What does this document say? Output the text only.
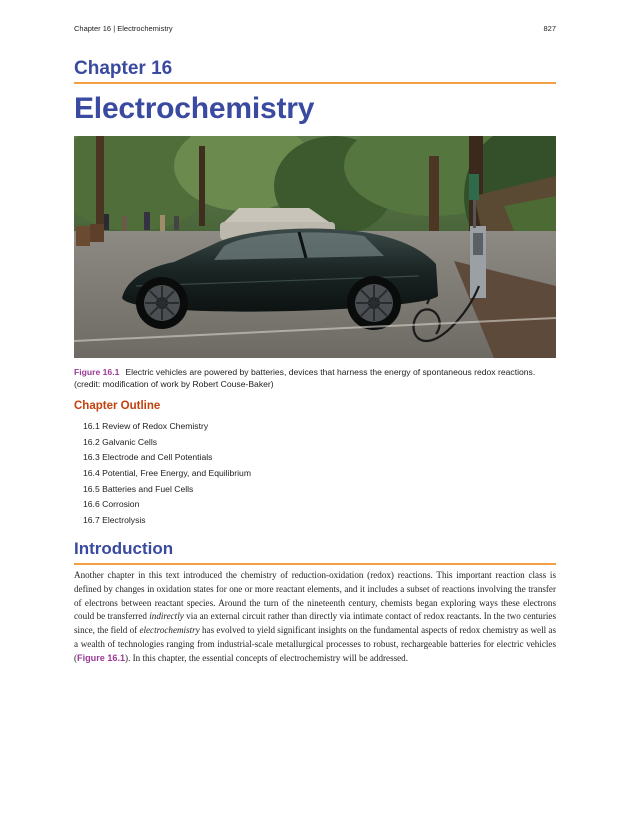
Chapter 16 | Electrochemistry	827
Chapter 16
Electrochemistry
Figure 16.1 Electric vehicles are powered by batteries, devices that harness the energy of spontaneous redox reactions. (credit: modification of work by Robert Couse-Baker)
Chapter Outline
16.1 Review of Redox Chemistry
16.2 Galvanic Cells
16.3 Electrode and Cell Potentials
16.4 Potential, Free Energy, and Equilibrium
16.5 Batteries and Fuel Cells
16.6 Corrosion
16.7 Electrolysis
Introduction
Another chapter in this text introduced the chemistry of reduction-oxidation (redox) reactions. This important reaction class is defined by changes in oxidation states for one or more reactant elements, and it includes a subset of reactions involving the transfer of electrons between reactant species. Around the turn of the nineteenth century, chemists began exploring ways these electrons could be transferred indirectly via an external circuit rather than directly via intimate contact of redox reactants. In the two centuries since, the field of electrochemistry has evolved to yield significant insights on the fundamental aspects of redox chemistry as well as a wealth of technologies ranging from industrial-scale metallurgical processes to robust, rechargeable batteries for electric vehicles (Figure 16.1). In this chapter, the essential concepts of electrochemistry will be addressed.
